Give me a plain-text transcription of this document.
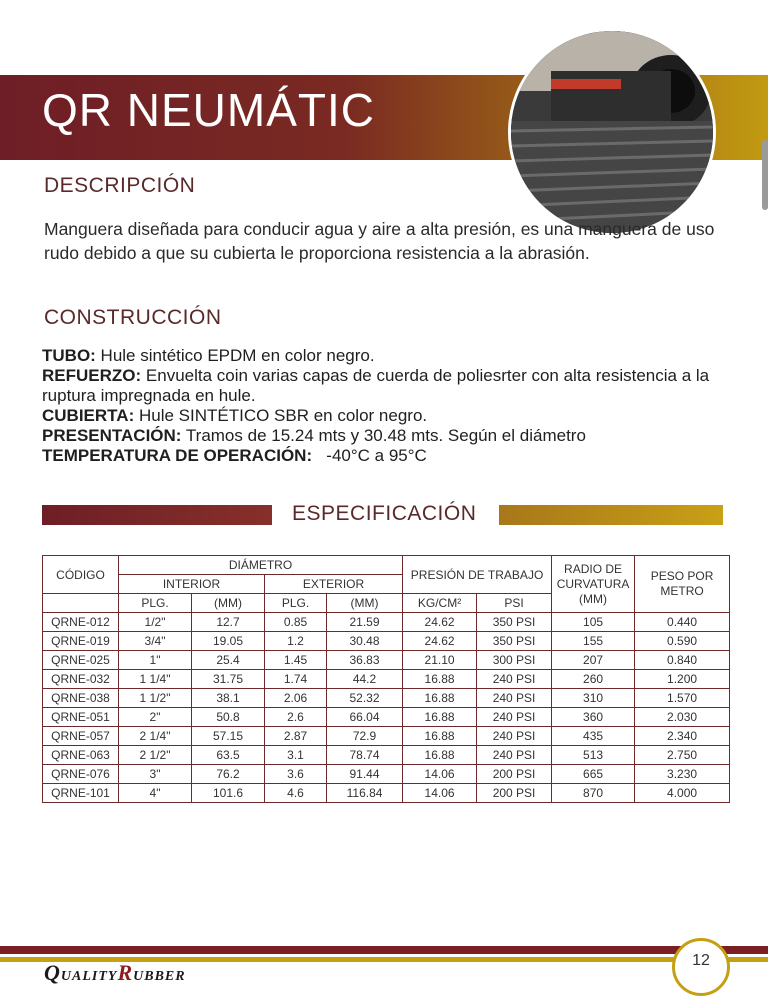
QR NEUMÁTIC
DESCRIPCIÓN
Manguera diseñada para conducir agua y aire a alta presión, es una manguera de uso rudo debido a que su cubierta le proporciona resistencia a la abrasión.
CONSTRUCCIÓN
TUBO: Hule sintético EPDM en color negro.
REFUERZO: Envuelta coin varias capas de cuerda de poliesrter con alta resistencia a la ruptura impregnada en hule.
CUBIERTA: Hule SINTÉTICO SBR en color negro.
PRESENTACIÓN: Tramos de 15.24 mts y 30.48 mts. Según el diámetro
TEMPERATURA DE OPERACIÓN:   -40°C a 95°C
ESPECIFICACIÓN
CÓDIGO	DIÁMETRO				PRESIÓN DE TRABAJO		RADIO DE CURVATURA (MM)	PESO POR METRO
	INTERIOR		EXTERIOR					
	PLG.	(MM)	PLG.	(MM)	KG/CM²	PSI		
QRNE-012	1/2"	12.7	0.85	21.59	24.62	350 PSI	105	0.440
QRNE-019	3/4"	19.05	1.2	30.48	24.62	350 PSI	155	0.590
QRNE-025	1"	25.4	1.45	36.83	21.10	300 PSI	207	0.840
QRNE-032	1 1/4"	31.75	1.74	44.2	16.88	240 PSI	260	1.200
QRNE-038	1 1/2"	38.1	2.06	52.32	16.88	240 PSI	310	1.570
QRNE-051	2"	50.8	2.6	66.04	16.88	240 PSI	360	2.030
QRNE-057	2 1/4"	57.15	2.87	72.9	16.88	240 PSI	435	2.340
QRNE-063	2 1/2"	63.5	3.1	78.74	16.88	240 PSI	513	2.750
QRNE-076	3"	76.2	3.6	91.44	14.06	200 PSI	665	3.230
QRNE-101	4"	101.6	4.6	116.84	14.06	200 PSI	870	4.000
12
QUALITYRUBBER
